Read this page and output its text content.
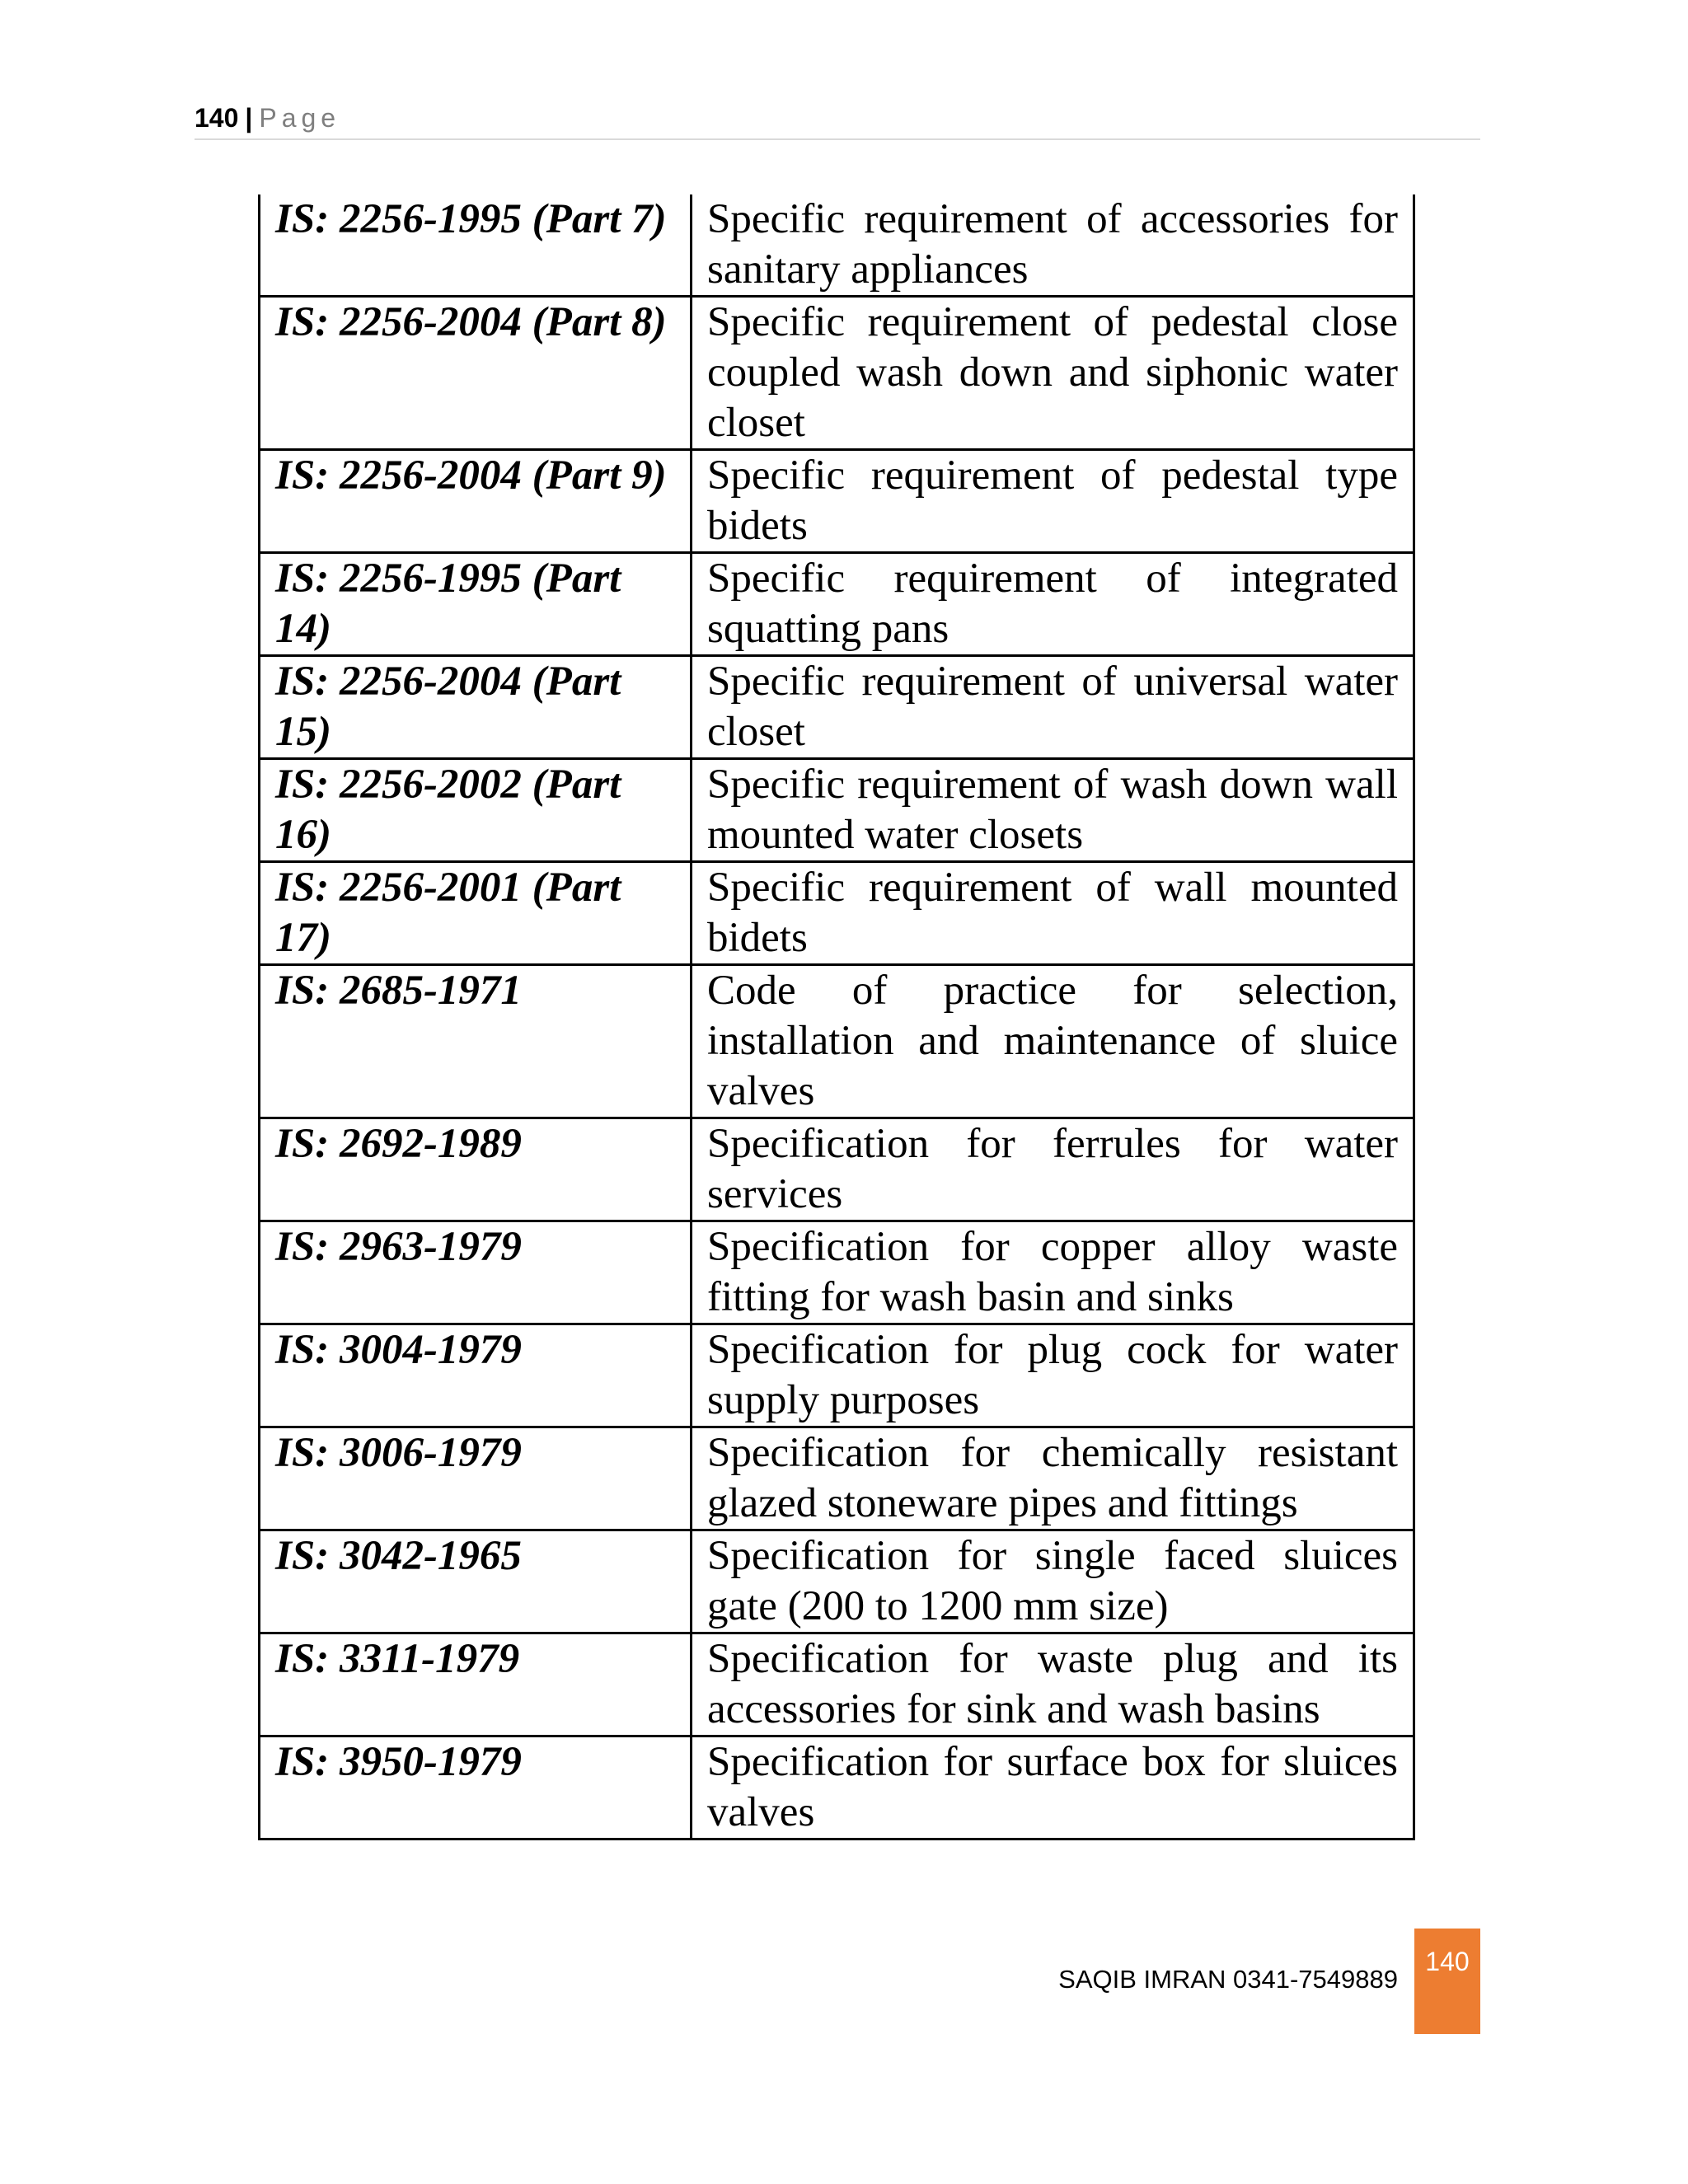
140 | Page
IS: 2256-1995 (Part 7)	Specific requirement of accessories for sanitary appliances
IS: 2256-2004 (Part 8)	Specific requirement of pedestal close coupled wash down and siphonic water closet
IS: 2256-2004 (Part 9)	Specific requirement of pedestal type bidets
IS: 2256-1995 (Part 14)	Specific requirement of integrated squatting pans
IS: 2256-2004 (Part 15)	Specific requirement of universal water closet
IS: 2256-2002 (Part 16)	Specific requirement of wash down wall mounted water closets
IS: 2256-2001 (Part 17)	Specific requirement of wall mounted bidets
IS: 2685-1971	Code of practice for selection, installation and maintenance of sluice valves
IS: 2692-1989	Specification for ferrules for water services
IS: 2963-1979	Specification for copper alloy waste fitting for wash basin and sinks
IS: 3004-1979	Specification for plug cock for water supply purposes
IS: 3006-1979	Specification for chemically resistant glazed stoneware pipes and fittings
IS: 3042-1965	Specification for single faced sluices gate (200 to 1200 mm size)
IS: 3311-1979	Specification for waste plug and its accessories for sink and wash basins
IS: 3950-1979	Specification for surface box for sluices valves
SAQIB IMRAN 0341-7549889
140
